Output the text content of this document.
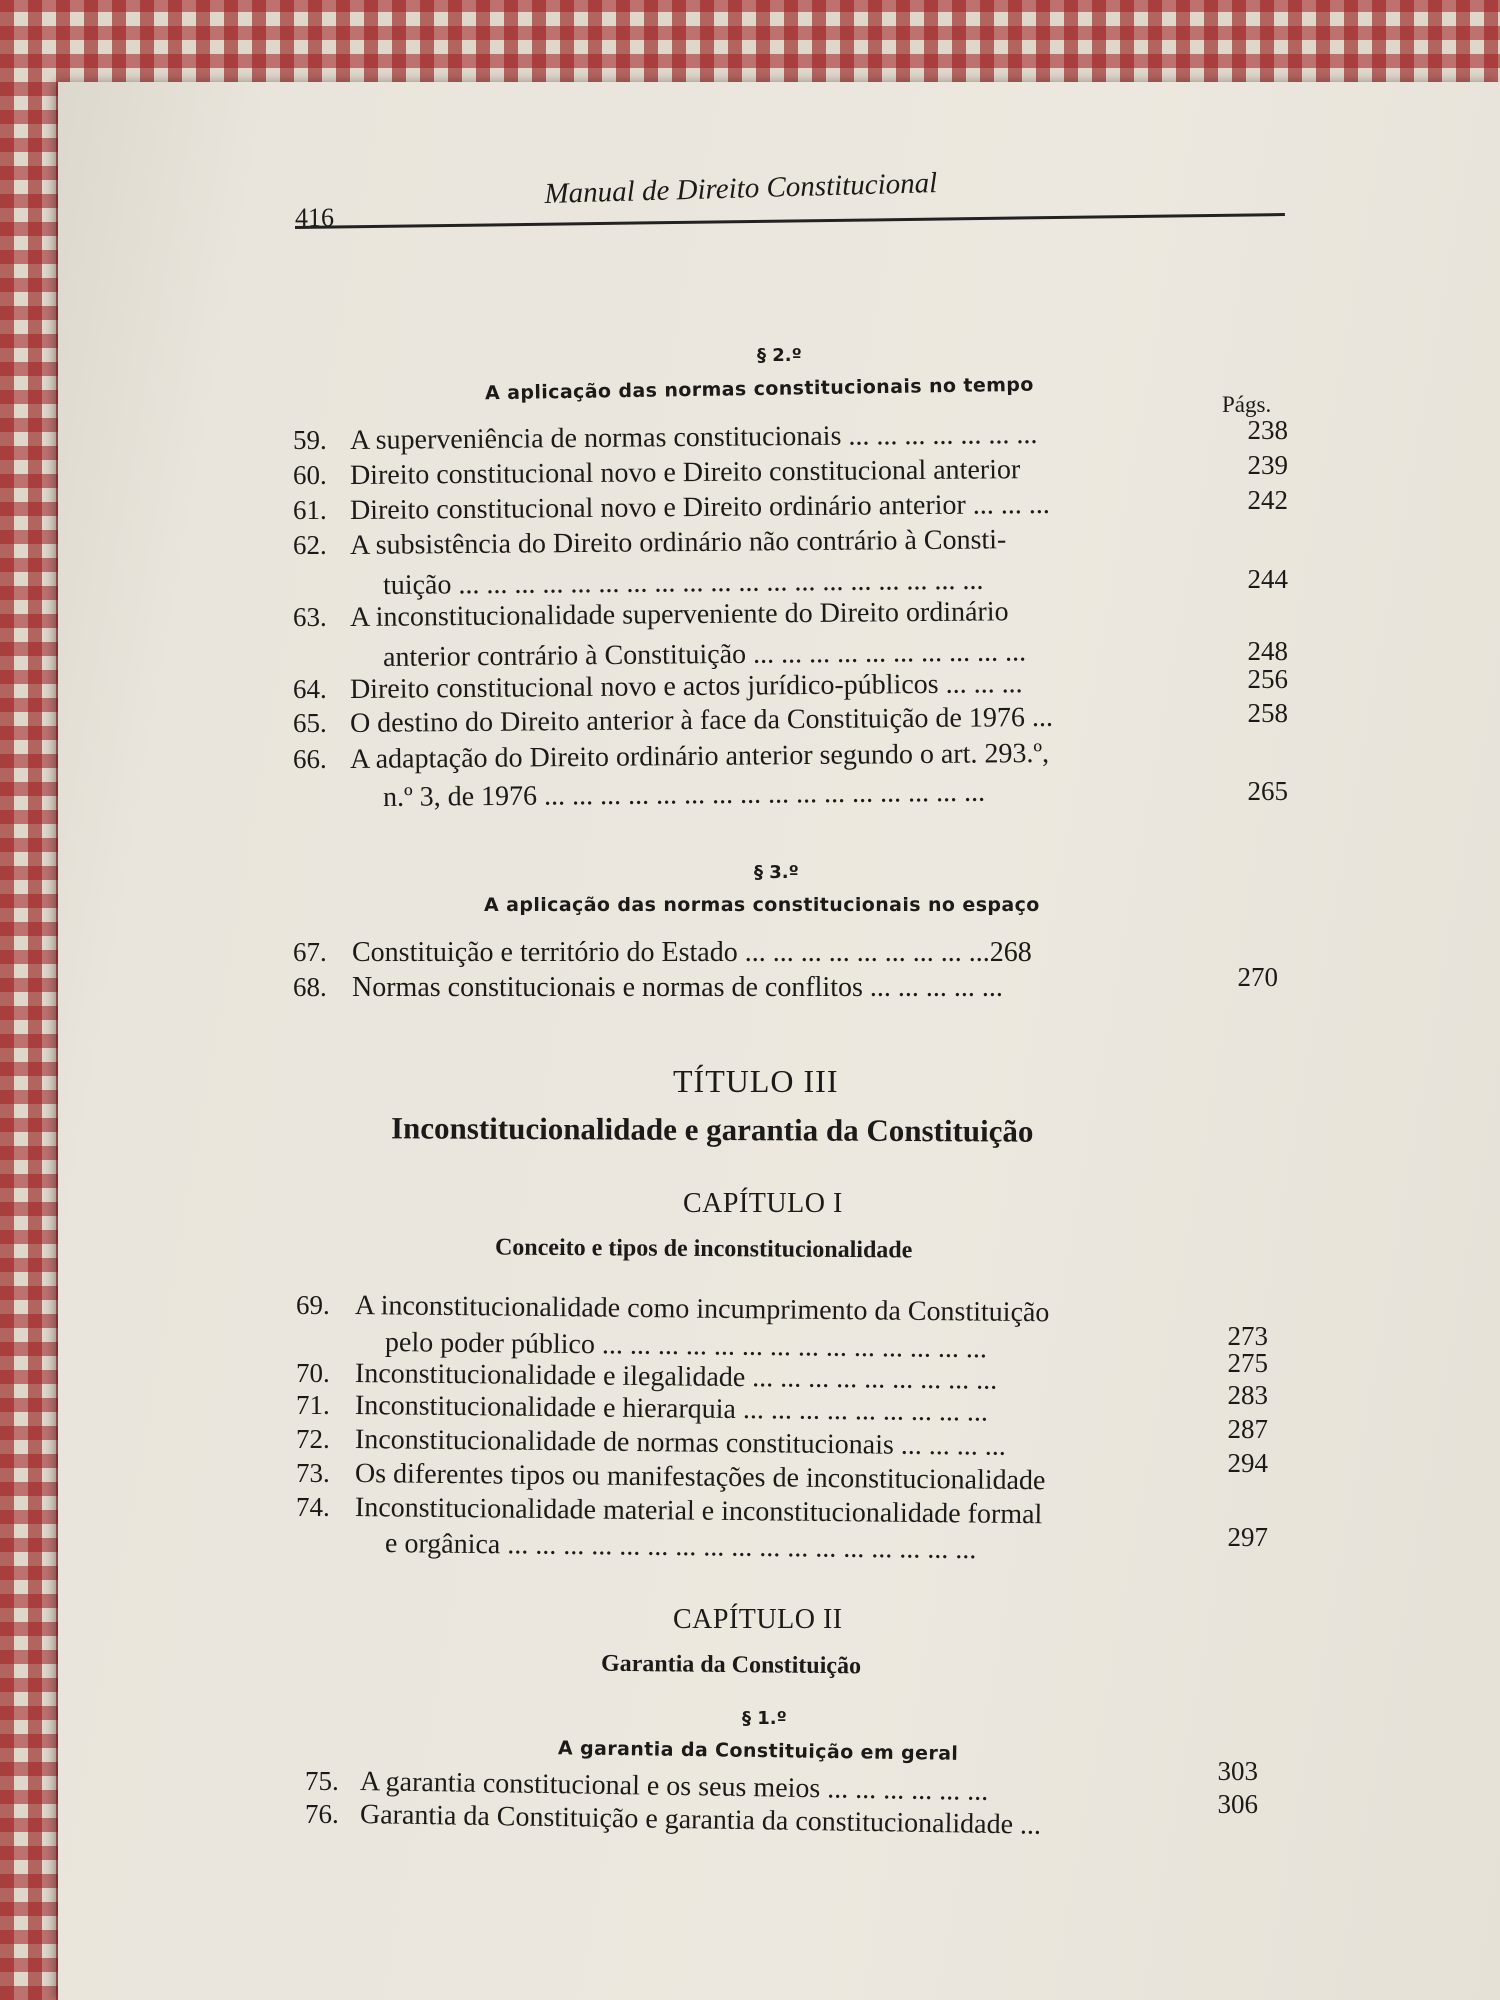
416
Manual de Direito Constitucional
§ 2.º
A aplicação das normas constitucionais no tempo
Págs.
59. A superveniência de normas constitucionais ... ... ... ... ... ... ...	238
60. Direito constitucional novo e Direito constitucional anterior	239
61. Direito constitucional novo e Direito ordinário anterior ... ... ...	242
62. A subsistência do Direito ordinário não contrário à Consti-
tuição ... ... ... ... ... ... ... ... ... ... ... ... ... ... ... ... ... ... ...	244
63. A inconstitucionalidade superveniente do Direito ordinário
anterior contrário à Constituição ... ... ... ... ... ... ... ... ... ...	248
64. Direito constitucional novo e actos jurídico-públicos ... ... ...	256
65. O destino do Direito anterior à face da Constituição de 1976 ...	258
66. A adaptação do Direito ordinário anterior segundo o art. 293.º,
n.º 3, de 1976 ... ... ... ... ... ... ... ... ... ... ... ... ... ... ... ...	265
§ 3.º
A aplicação das normas constitucionais no espaço
67. Constituição e território do Estado ... ... ... ... ... ... ... ... ...268
68. Normas constitucionais e normas de conflitos ... ... ... ... ...	270
TÍTULO III
Inconstitucionalidade e garantia da Constituição
CAPÍTULO I
Conceito e tipos de inconstitucionalidade
69. A inconstitucionalidade como incumprimento da Constituição
pelo poder público ... ... ... ... ... ... ... ... ... ... ... ... ... ...	273
70. Inconstitucionalidade e ilegalidade ... ... ... ... ... ... ... ... ...	275
71. Inconstitucionalidade e hierarquia ... ... ... ... ... ... ... ... ...	283
72. Inconstitucionalidade de normas constitucionais ... ... ... ...	287
73. Os diferentes tipos ou manifestações de inconstitucionalidade	294
74. Inconstitucionalidade material e inconstitucionalidade formal
e orgânica ... ... ... ... ... ... ... ... ... ... ... ... ... ... ... ... ...	297
CAPÍTULO II
Garantia da Constituição
§ 1.º
A garantia da Constituição em geral
75. A garantia constitucional e os seus meios ... ... ... ... ... ...	303
76. Garantia da Constituição e garantia da constitucionalidade ...	306
